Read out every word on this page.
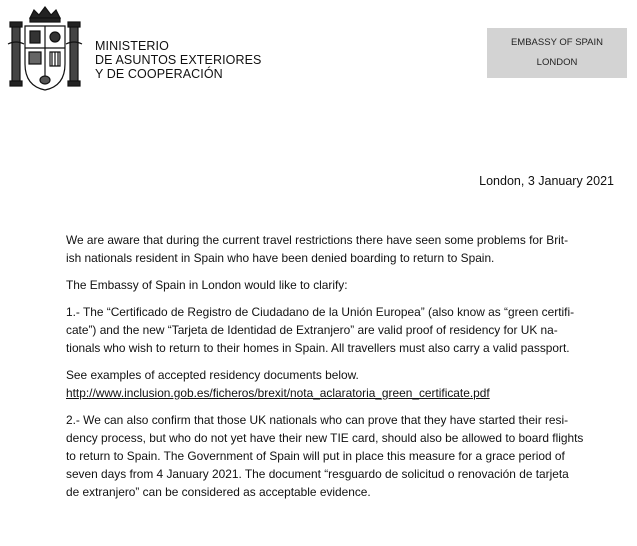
MINISTERIO
DE ASUNTOS EXTERIORES
Y DE COOPERACIÓN
EMBASSY OF SPAIN
LONDON
London, 3 January 2021

We are aware that during the current travel restrictions there have seen some problems for Brit-
ish nationals resident in Spain who have been denied boarding to return to Spain.

The Embassy of Spain in London would like to clarify:

1.- The “Certificado de Registro de Ciudadano de la Unión Europea” (also know as “green certifi-
cate”) and the new “Tarjeta de Identidad de Extranjero” are valid proof of residency for UK na-
tionals who wish to return to their homes in Spain. All travellers must also carry a valid passport.

See examples of accepted residency documents below.
http://www.inclusion.gob.es/ficheros/brexit/nota_aclaratoria_green_certificate.pdf

2.- We can also confirm that those UK nationals who can prove that they have started their resi-
dency process, but who do not yet have their new TIE card, should also be allowed to board flights
to return to Spain. The Government of Spain will put in place this measure for a grace period of
seven days from 4 January 2021. The document “resguardo de solicitud o renovación de tarjeta
de extranjero” can be considered as acceptable evidence.
